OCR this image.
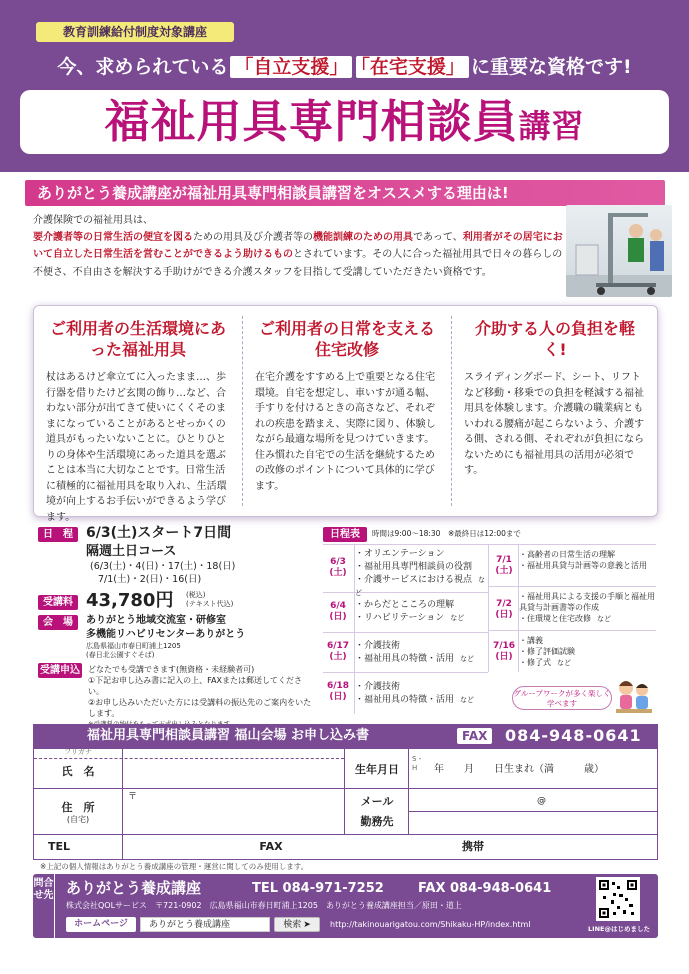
教育訓練給付制度対象講座
今、求められている 「自立支援」 「在宅支援」 に重要な資格です!
福祉用具専門相談員講習
ありがとう養成講座が福祉用具専門相談員講習をオススメする理由は!
介護保険での福祉用具は、
要介護者等の日常生活の便宜を図るための用具及び介護者等の機能訓練のための用具であって、利用者がその居宅において自立した日常生活を営むことができるよう助けるものとされています。その人に合った福祉用具で日々の暮らしの不便さ、不自由さを解決する手助けができる介護スタッフを目指して受講していただきたい資格です。
ご利用者の生活環境にあった福祉用具

杖はあるけど傘立てに入ったまま…、歩行器を借りたけど玄関の飾り…など、合わない部分が出てきて使いにくくそのままになっていることがあるとせっかくの道具がもったいないことに。ひとりひとりの身体や生活環境にあった道具を選ぶことは本当に大切なことです。日常生活に積極的に福祉用具を取り入れ、生活環境が向上するお手伝いができるよう学びます。

ご利用者の日常を支える住宅改修

在宅介護をすすめる上で重要となる住宅環境。自宅を想定し、車いすが通る幅、手すりを付けるときの高さなど、それぞれの疾患を踏まえ、実際に図り、体験しながら最適な場所を見つけていきます。住み慣れた自宅での生活を継続するための改修のポイントについて具体的に学びます。

介助する人の負担を軽く!

スライディングボード、シート、リフトなど移動・移乗での負担を軽減する福祉用具を体験します。介護職の職業病ともいわれる腰痛が起こらないよう、介護する側、される側、それぞれが負担にならないためにも福祉用具の活用が必須です。

日　程 6/3(土)スタート7日間
隔週土日コース
(6/3(土)・4(日)・17(土)・18(日)
7/1(土)・2(日)・16(日)
受講料 43,780円 (税込)
(テキスト代込)
会　場	ありがとう地域交流室・研修室
多機能リハビリセンターありがとう
広島県福山市春日町浦上1205
(春日北公園すぐそば)
受講申込 どなたでも受講できます(無資格・未経験者可)
①下記お申し込み書に記入の上、FAXまたは郵送してください。
②お申し込みいただいた方には受講料の振込先のご案内をいたします。
日程表	時間は9:00〜18:30　 ※最終日は12:00まで
6/3
(土)
・オリエンテーション
・福祉用具専門相談員の役割
・介護サービスにおける視点 など
6/4
(日)
・からだとこころの理解
・リハビリテーション など
6/17
(土)
・介護技術
・福祉用具の特徴・活用 など
6/18
(日)
・介護技術
・福祉用具の特徴・活用 など
7/1
(土)
・高齢者の日常生活の理解
・福祉用具貸与計画等の意義と活用
7/2
(日)
・福祉用具による支援の手順と福祉用具貸与計画書等の作成
・住環境と住宅改修 など
7/16
(日)
・講義
・修了評価試験
・修了式 など
グループワークが多く楽しく学べます
福祉用具専門相談員講習 福山会場 お申し込み書	FAX	084-948-0641
フリガナ
氏　名	生年月日
S・H	年　　月　　日生まれ（満　　　歳）
住　所
(自宅)
〒	メール	@
勤務先
TEL	FAX	携帯
※上記の個人情報はありがとう養成講座の管理・運営に関してのみ使用します。
問合せ先 ありがとう養成講座	TEL 084-971-7252	FAX 084-948-0641
株式会社QOLサービス　 〒721-0902　 広島県福山市春日町浦上1205　 ありがとう養成講座担当／原田・道上
ホームページ	ありがとう養成講座	検索 ➤	http://takinouarigatou.com/Shikaku-HP/index.html	LINE@はじめました
